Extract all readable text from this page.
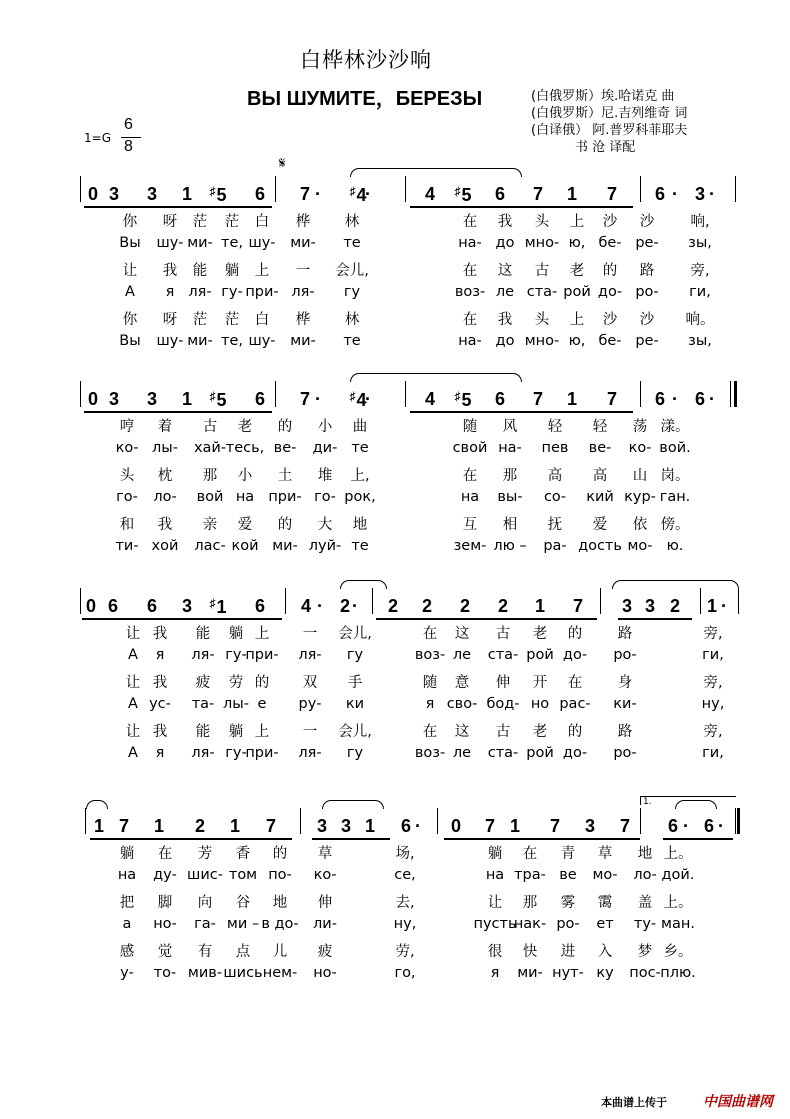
白桦林沙沙响
ВЫ ШУМИТЕ，БЕРЕЗЫ	(白俄罗斯）埃.哈诺克 曲
(白俄罗斯）尼.吉列维奇 词
(白译俄） 阿.普罗科菲耶夫
书 沧 译配
1=G
6
8
𝄋
0 3 3 1 ♯5 6 7 · ♯4
·	4 ♯5 6 7 1 7 6 · 3 ·
你 呀 茫 茫 白 桦 林	在 我 头 上 沙 沙 响,
Вы шу- ми- те, шу- ми- те	на- до мно- ю, бе- ре- зы,
让 我 能 躺 上 一 会儿,	在 这 古 老 的 路 旁,
А я ля- гу- при- ля- гу	воз- ле ста- рой до- ро- ги,
你 呀 茫 茫 白 桦 林	在 我 头 上 沙 沙 响。
Вы шу- ми- те, шу- ми- те	на- до мно- ю, бе- ре- зы,
0 3 3 1 ♯5 6 7 · ♯4
·	4 ♯5 6 7 1 7 6 · 6 ·
哼 着 古 老 的 小 曲	随 风 轻 轻 荡 漾。
ко- лы- хай- тесь, ве- ди- те	свой на- пев ве- ко- вой.
头 枕 那 小 土 堆 上,	在 那 高 高 山 岗。
го- ло- вой на при- го- рок,	на вы- со- кий кур- ган.
和 我 亲 爱 的 大 地	互 相 抚 爱 依 傍。
ти- хой лас- кой ми- луй- те	зем- лю – ра- дость мо- ю.
0 6 6 3 ♯1 6 4 · 2 · 2 2 2 2 1 7 3 3 2 1 ·
让 我 能 躺 上 一 会儿,	在 这 古 老 的 路	旁,
А я ля- гу-
при- ля- гу	воз- ле ста- рой до- ро-	ги,
让 我 疲 劳 的 双 手	随 意 伸 开 在 身	旁,
А ус- та- лы- е ру- ки	я сво- бод- но рас- ки-	ну,
让 我 能 躺 上 一 会儿,	在 这 古 老 的 路	旁,
А я ля- гу-
при- ля- гу	воз- ле ста- рой до- ро-	ги,
1 7 1 2 1 7 3 3 1 6 · 0 7 1 7 3 7 6 · 6 ·
1.
躺 在 芳 香 的 草	场,	躺 在 青 草 地 上。
на ду- шис- том по- ко-	се,	на тра- ве мо- ло- дой.
把 脚 向 谷 地 伸	去,	让 那 雾 霭 盖 上。
а но- га- ми – в до- ли-	ну,	пусть
нак- ро- ет ту- ман.
感 觉 有 点 儿 疲	劳,	很 快 进 入 梦 乡。
у- то- мив- шись нем- но-	го,	я ми- нут- ку пос- плю.
本曲谱上传于	中国曲谱网
